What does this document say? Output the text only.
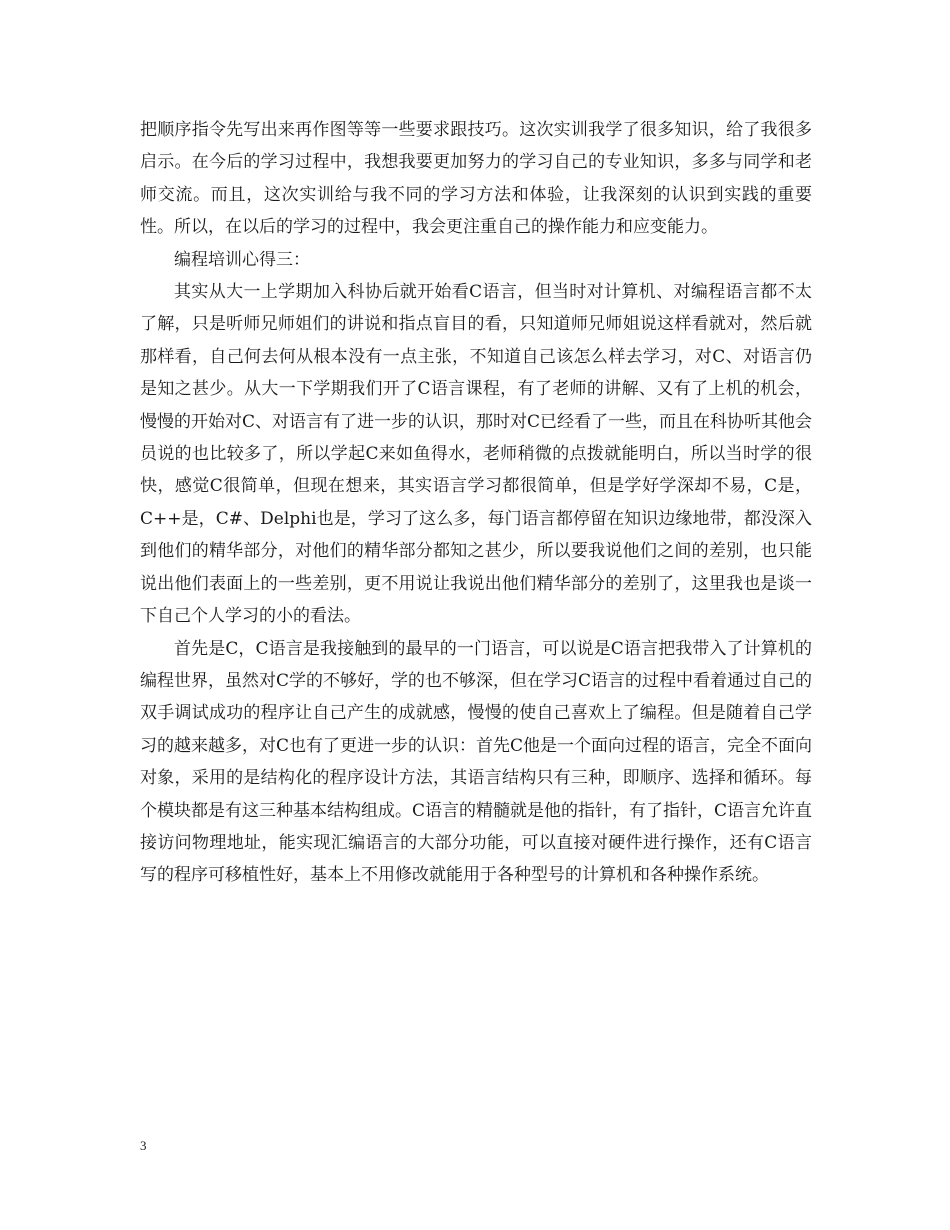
把顺序指令先写出来再作图等等一些要求跟技巧。这次实训我学了很多知识，给了我很多启示。在今后的学习过程中，我想我要更加努力的学习自己的专业知识，多多与同学和老师交流。而且，这次实训给与我不同的学习方法和体验，让我深刻的认识到实践的重要性。所以，在以后的学习的过程中，我会更注重自己的操作能力和应变能力。

编程培训心得三：

其实从大一上学期加入科协后就开始看C语言，但当时对计算机、对编程语言都不太了解，只是听师兄师姐们的讲说和指点盲目的看，只知道师兄师姐说这样看就对，然后就那样看，自己何去何从根本没有一点主张，不知道自己该怎么样去学习，对C、对语言仍是知之甚少。从大一下学期我们开了C语言课程，有了老师的讲解、又有了上机的机会，慢慢的开始对C、对语言有了进一步的认识，那时对C已经看了一些，而且在科协听其他会员说的也比较多了，所以学起C来如鱼得水，老师稍微的点拨就能明白，所以当时学的很快，感觉C很简单，但现在想来，其实语言学习都很简单，但是学好学深却不易，C是，C++是，C#、Delphi也是，学习了这么多，每门语言都停留在知识边缘地带，都没深入到他们的精华部分，对他们的精华部分都知之甚少，所以要我说他们之间的差别，也只能说出他们表面上的一些差别，更不用说让我说出他们精华部分的差别了，这里我也是谈一下自己个人学习的小的看法。

首先是C，C语言是我接触到的最早的一门语言，可以说是C语言把我带入了计算机的编程世界，虽然对C学的不够好，学的也不够深，但在学习C语言的过程中看着通过自己的双手调试成功的程序让自己产生的成就感，慢慢的使自己喜欢上了编程。但是随着自己学习的越来越多，对C也有了更进一步的认识：首先C他是一个面向过程的语言，完全不面向对象，采用的是结构化的程序设计方法，其语言结构只有三种，即顺序、选择和循环。每个模块都是有这三种基本结构组成。C语言的精髓就是他的指针，有了指针，C语言允许直接访问物理地址，能实现汇编语言的大部分功能，可以直接对硬件进行操作，还有C语言写的程序可移植性好，基本上不用修改就能用于各种型号的计算机和各种操作系统。

3
